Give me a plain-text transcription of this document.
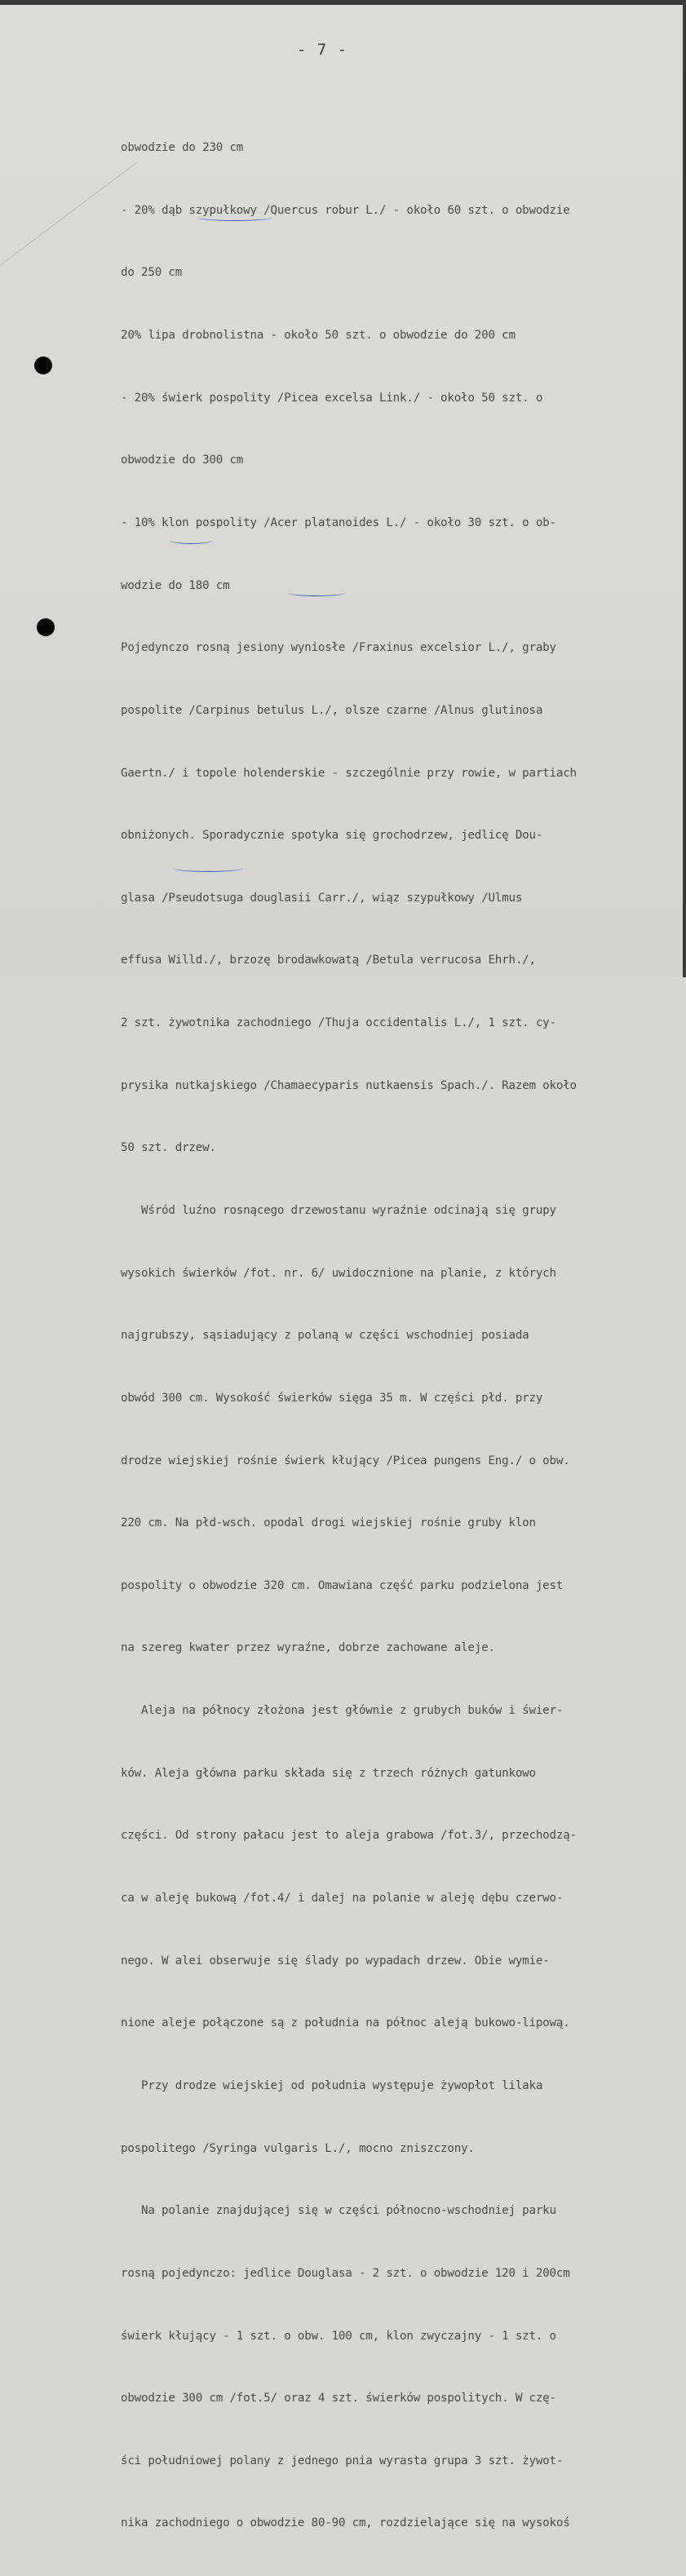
- 7 -

obwodzie do 230 cm

- 20% dąb szypułkowy /Quercus robur L./ - około 60 szt. o obwodzie

do 250 cm

20% lipa drobnolistna - około 50 szt. o obwodzie do 200 cm

- 20% świerk pospolity /Picea excelsa Link./ - około 50 szt. o

obwodzie do 300 cm

- 10% klon pospolity /Acer platanoides L./ - około 30 szt. o ob-

wodzie do 180 cm

Pojedynczo rosną jesiony wyniosłe /Fraxinus excelsior L./, graby

pospolite /Carpinus betulus L./, olsze czarne /Alnus glutinosa

Gaertn./ i topole holenderskie - szczególnie przy rowie, w partiach

obniżonych. Sporadycznie spotyka się grochodrzew, jedlicę Dou-

glasa /Pseudotsuga douglasii Carr./, wiąz szypułkowy /Ulmus

effusa Willd./, brzozę brodawkowatą /Betula verrucosa Ehrh./,

2 szt. żywotnika zachodniego /Thuja occidentalis L./, 1 szt. cy-

prysika nutkajskiego /Chamaecyparis nutkaensis Spach./. Razem około

50 szt. drzew.

Wśród luźno rosnącego drzewostanu wyraźnie odcinają się grupy

wysokich świerków /fot. nr. 6/ uwidocznione na planie, z których

najgrubszy, sąsiadujący z polaną w części wschodniej posiada

obwód 300 cm. Wysokość świerków sięga 35 m. W części płd. przy

drodze wiejskiej rośnie świerk kłujący /Picea pungens Eng./ o obw.

220 cm. Na płd-wsch. opodal drogi wiejskiej rośnie gruby klon

pospolity o obwodzie 320 cm. Omawiana część parku podzielona jest

na szereg kwater przez wyraźne, dobrze zachowane aleje.

Aleja na północy złożona jest głównie z grubych buków i świer-

ków. Aleja główna parku składa się z trzech różnych gatunkowo

części. Od strony pałacu jest to aleja grabowa /fot.3/, przechodzą-

ca w aleję bukową /fot.4/ i dalej na polanie w aleję dębu czerwo-

nego. W alei obserwuje się ślady po wypadach drzew. Obie wymie-

nione aleje połączone są z południa na północ aleją bukowo-lipową.

Przy drodze wiejskiej od południa występuje żywopłot lilaka

pospolitego /Syringa vulgaris L./, mocno zniszczony.

Na polanie znajdującej się w części północno-wschodniej parku

rosną pojedynczo: jedlice Douglasa - 2 szt. o obwodzie 120 i 200cm

świerk kłujący - 1 szt. o obw. 100 cm, klon zwyczajny - 1 szt. o

obwodzie 300 cm /fot.5/ oraz 4 szt. świerków pospolitych. W czę-

ści południowej polany z jednego pnia wyrasta grupa 3 szt. żywot-

nika zachodniego o obwodzie 80-90 cm, rozdzielające się na wysokoś
